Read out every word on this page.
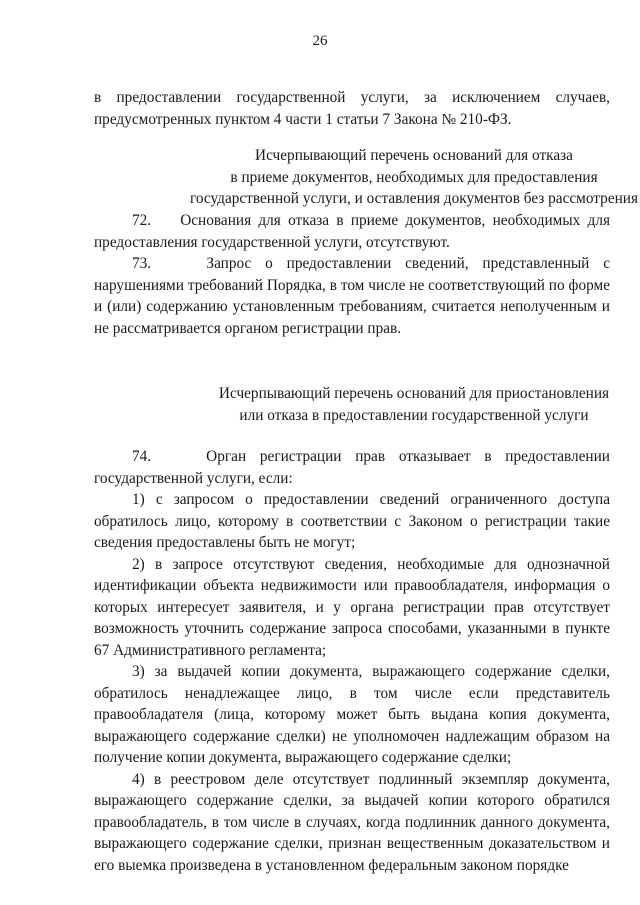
26

в предоставлении государственной услуги, за исключением случаев, предусмотренных пунктом 4 части 1 статьи 7 Закона № 210-ФЗ.

Исчерпывающий перечень оснований для отказа
в приеме документов, необходимых для предоставления
государственной услуги, и оставления документов без рассмотрения

72.    Основания для отказа в приеме документов, необходимых для предоставления государственной услуги, отсутствуют.

73.    Запрос о предоставлении сведений, представленный с нарушениями требований Порядка, в том числе не соответствующий по форме и (или) содержанию установленным требованиям, считается неполученным и не рассматривается органом регистрации прав.

Исчерпывающий перечень оснований для приостановления
или отказа в предоставлении государственной услуги

74.    Орган регистрации прав отказывает в предоставлении государственной услуги, если:

1) с запросом о предоставлении сведений ограниченного доступа обратилось лицо, которому в соответствии с Законом о регистрации такие сведения предоставлены быть не могут;

2) в запросе отсутствуют сведения, необходимые для однозначной идентификации объекта недвижимости или правообладателя, информация о которых интересует заявителя, и у органа регистрации прав отсутствует возможность уточнить содержание запроса способами, указанными в пункте 67 Административного регламента;

3) за выдачей копии документа, выражающего содержание сделки, обратилось ненадлежащее лицо, в том числе если представитель правообладателя (лица, которому может быть выдана копия документа, выражающего содержание сделки) не уполномочен надлежащим образом на получение копии документа, выражающего содержание сделки;

4) в реестровом деле отсутствует подлинный экземпляр документа, выражающего содержание сделки, за выдачей копии которого обратился правообладатель, в том числе в случаях, когда подлинник данного документа, выражающего содержание сделки, признан вещественным доказательством и его выемка произведена в установленном федеральным законом порядке
